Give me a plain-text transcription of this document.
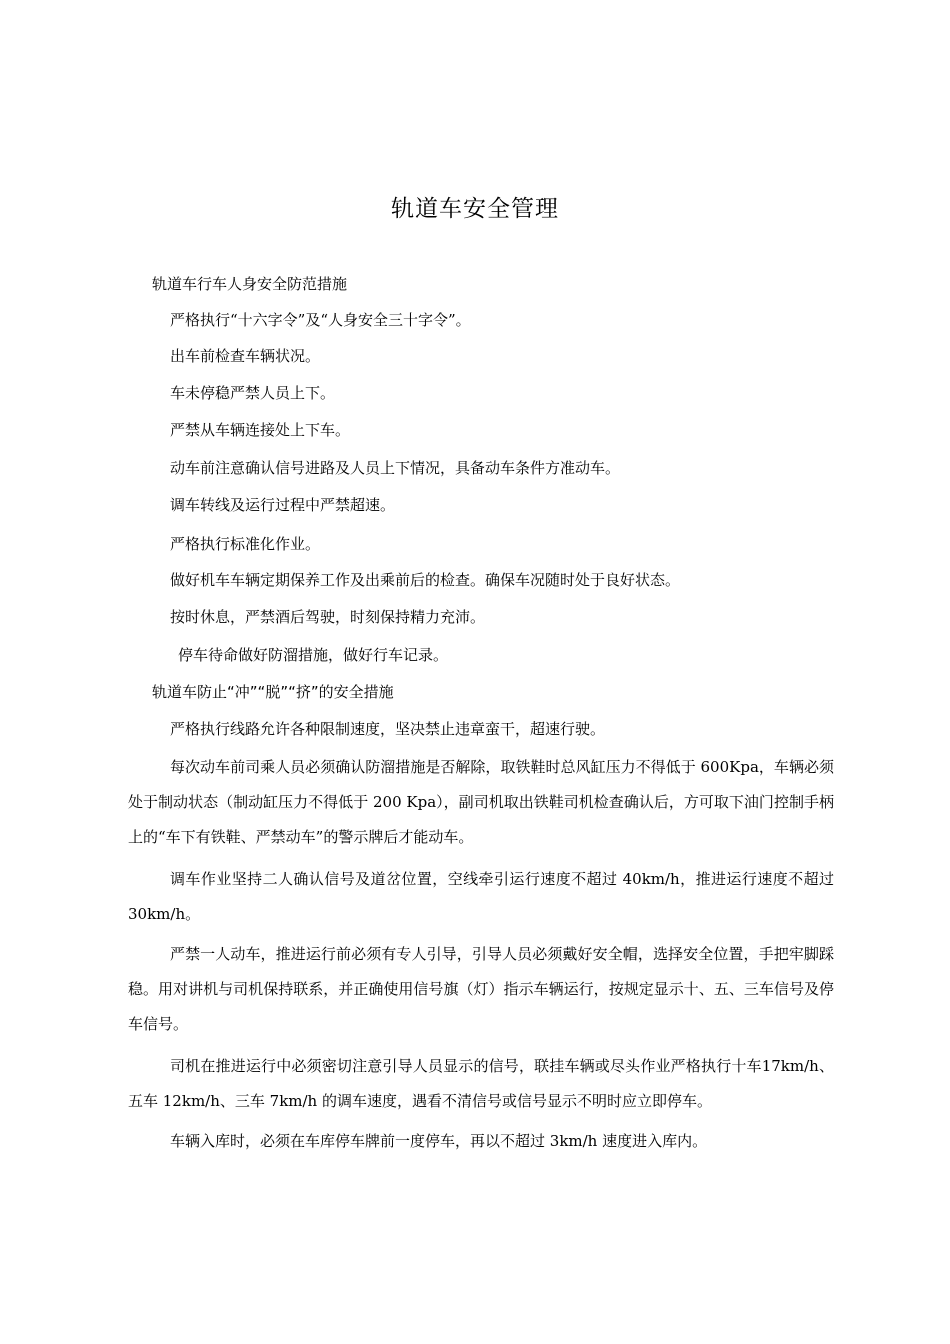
轨道车安全管理
轨道车行车人身安全防范措施
严格执行“十六字令”及“人身安全三十字令”。
出车前检查车辆状况。
车未停稳严禁人员上下。
严禁从车辆连接处上下车。
动车前注意确认信号进路及人员上下情况，具备动车条件方准动车。
调车转线及运行过程中严禁超速。
严格执行标准化作业。
做好机车车辆定期保养工作及出乘前后的检查。确保车况随时处于良好状态。
按时休息，严禁酒后驾驶，时刻保持精力充沛。
停车待命做好防溜措施，做好行车记录。
轨道车防止“冲”“脱”“挤”的安全措施
严格执行线路允许各种限制速度，坚决禁止违章蛮干，超速行驶。
每次动车前司乘人员必须确认防溜措施是否解除，取铁鞋时总风缸压力不得低于 600Kpa，车辆必须处于制动状态（制动缸压力不得低于 200 Kpa），副司机取出铁鞋司机检查确认后，方可取下油门控制手柄上的“车下有铁鞋、严禁动车”的警示牌后才能动车。
调车作业坚持二人确认信号及道岔位置，空线牵引运行速度不超过 40km/h，推进运行速度不超过 30km/h。
严禁一人动车，推进运行前必须有专人引导，引导人员必须戴好安全帽，选择安全位置，手把牢脚踩稳。用对讲机与司机保持联系，并正确使用信号旗（灯）指示车辆运行，按规定显示十、五、三车信号及停车信号。
司机在推进运行中必须密切注意引导人员显示的信号，联挂车辆或尽头作业严格执行十车17km/h、五车 12km/h、三车 7km/h 的调车速度，遇看不清信号或信号显示不明时应立即停车。
车辆入库时，必须在车库停车牌前一度停车，再以不超过 3km/h 速度进入库内。
